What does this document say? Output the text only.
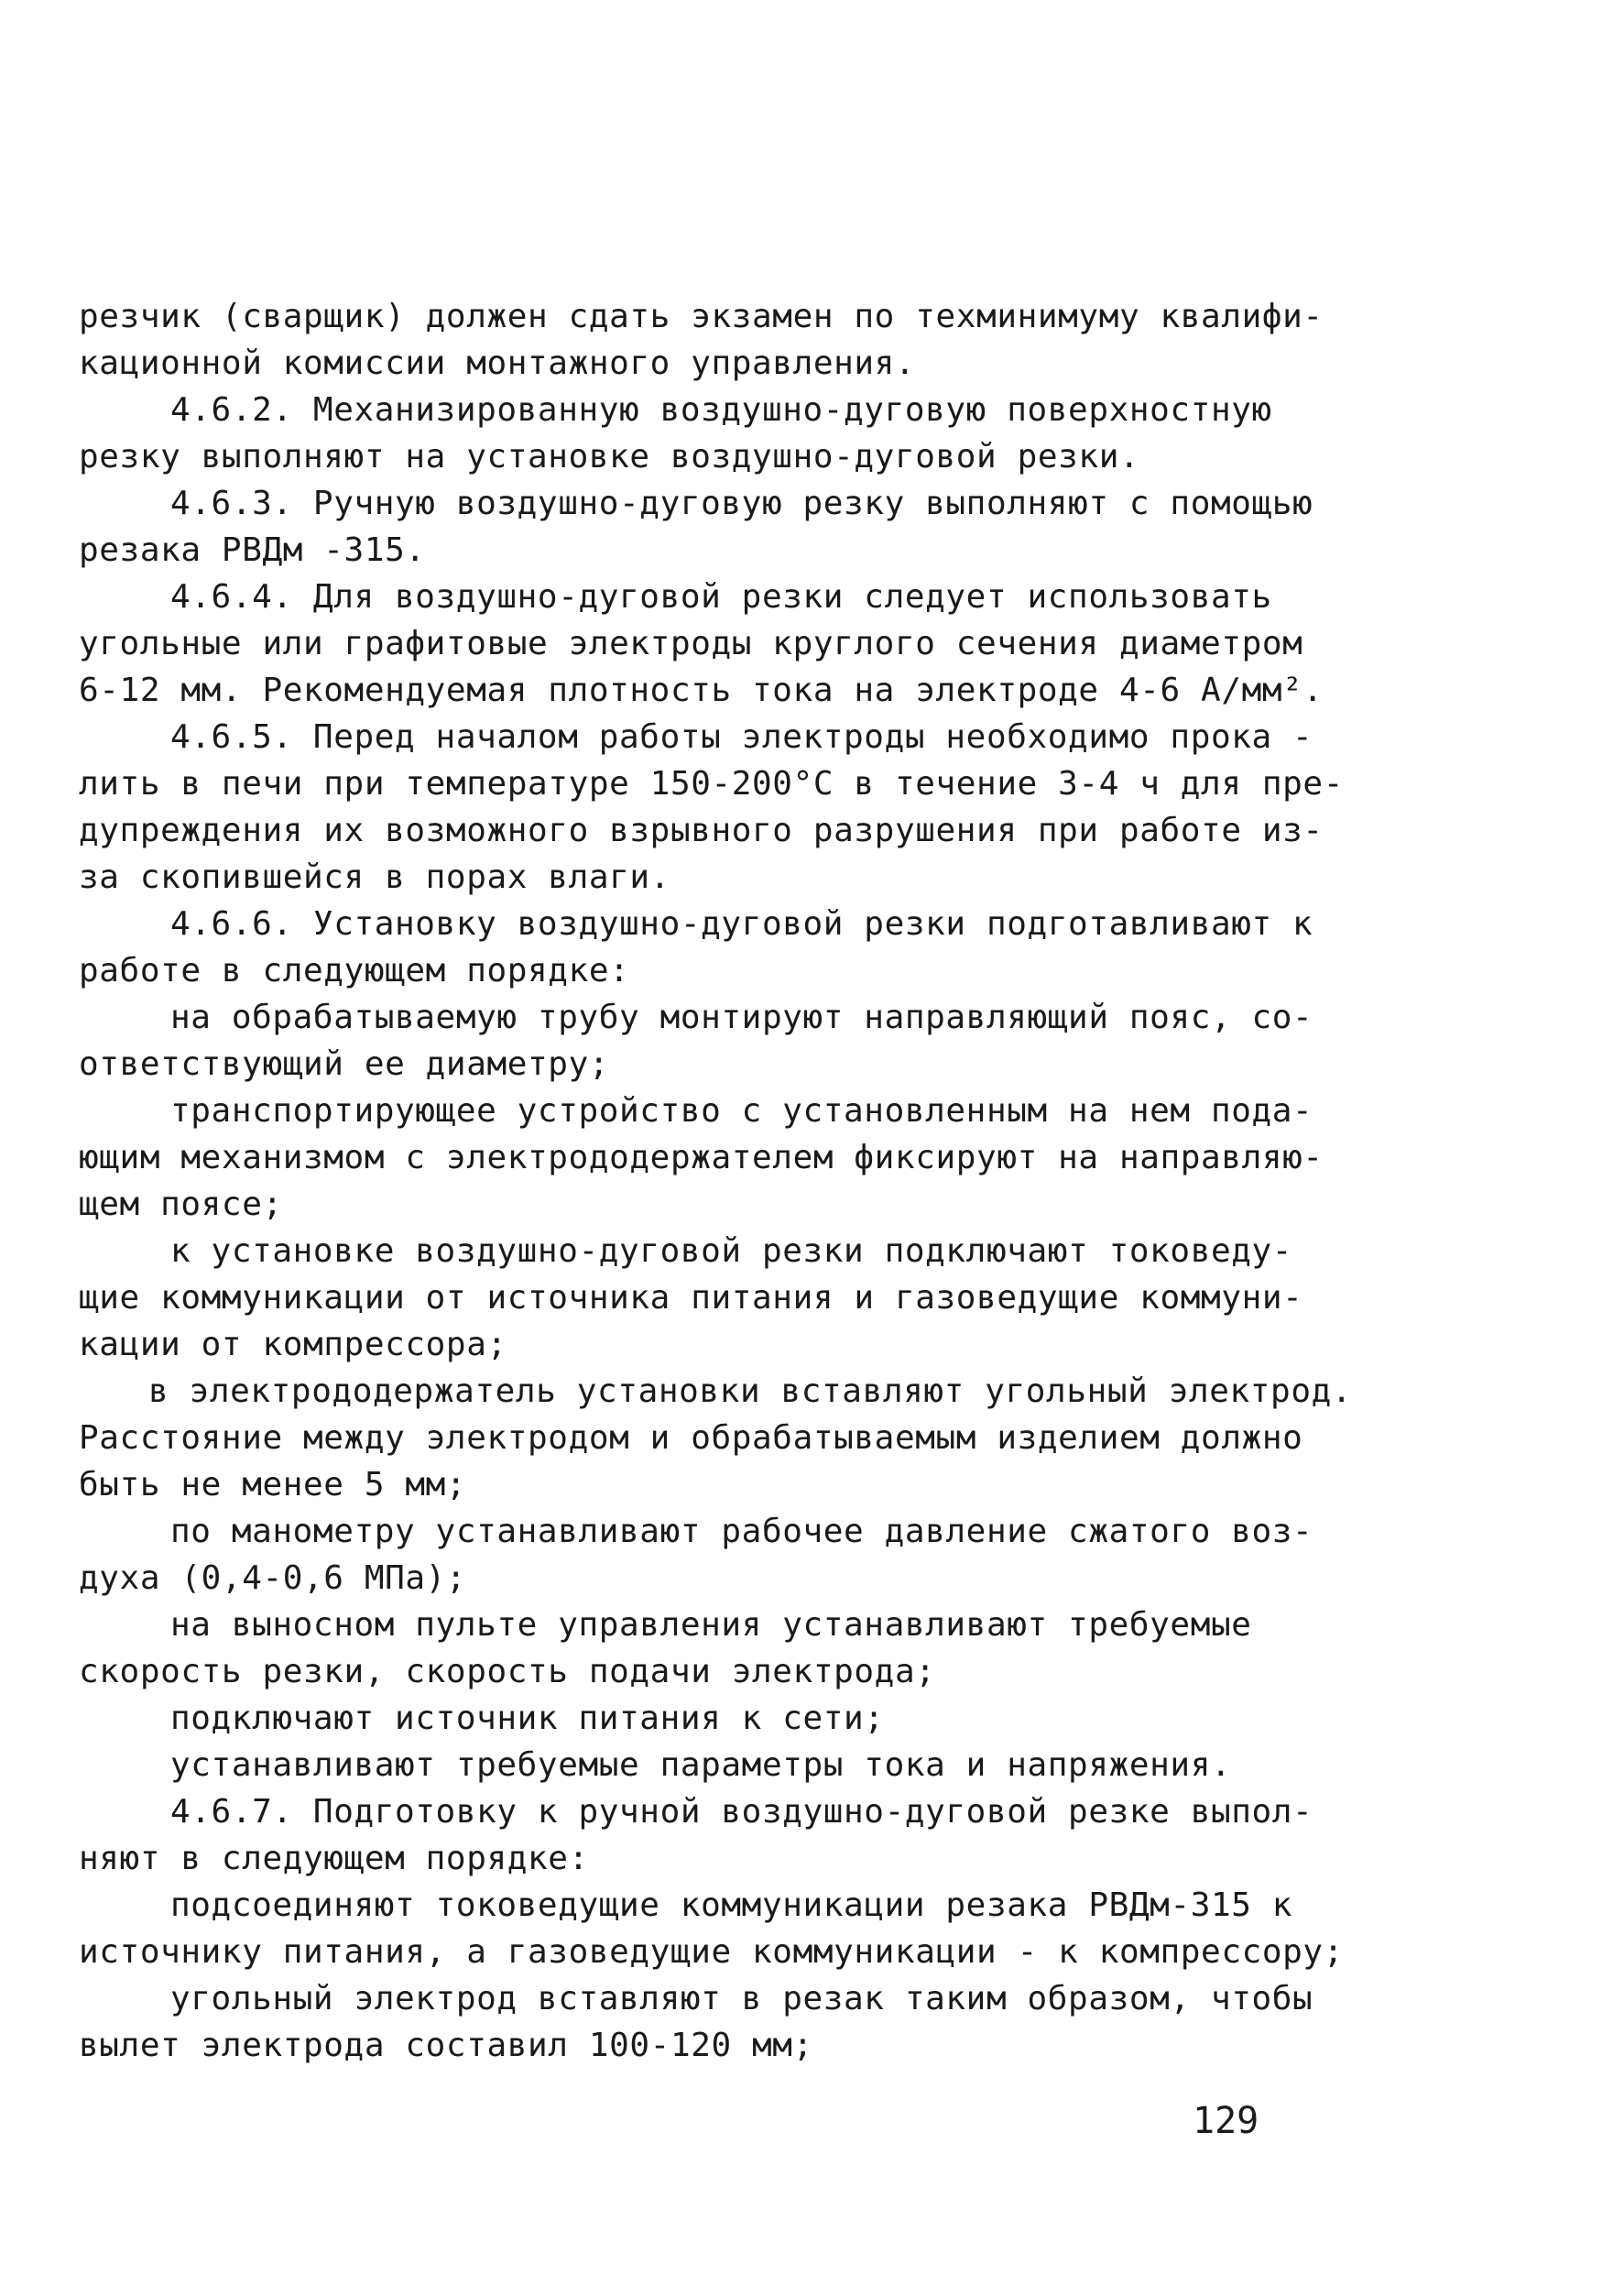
резчик (сварщик) должен сдать экзамен по техминимуму квалифи-
кационной комиссии монтажного управления.
4.6.2. Механизированную воздушно-дуговую поверхностную
резку выполняют на установке воздушно-дуговой резки.
4.6.3. Ручную воздушно-дуговую резку выполняют с помощью
резака РВДм -315.
4.6.4. Для воздушно-дуговой резки следует использовать
угольные или графитовые электроды круглого сечения диаметром
6-12 мм. Рекомендуемая плотность тока на электроде 4-6 А/мм².
4.6.5. Перед началом работы электроды необходимо прока -
лить в печи при температуре 150-200°С в течение 3-4 ч для пре-
дупреждения их возможного взрывного разрушения при работе из-
за скопившейся в порах влаги.
4.6.6. Установку воздушно-дуговой резки подготавливают к
работе в следующем порядке:
на обрабатываемую трубу монтируют направляющий пояс, со-
ответствующий ее диаметру;
транспортирующее устройство с установленным на нем пода-
ющим механизмом с электрододержателем фиксируют на направляю-
щем поясе;
к установке воздушно-дуговой резки подключают токоведу-
щие коммуникации от источника питания и газоведущие коммуни-
кации от компрессора;
в электрододержатель установки вставляют угольный электрод.
Расстояние между электродом и обрабатываемым изделием должно
быть не менее 5 мм;
по манометру устанавливают рабочее давление сжатого воз-
духа (0,4-0,6 МПа);
на выносном пульте управления устанавливают требуемые
скорость резки, скорость подачи электрода;
подключают источник питания к сети;
устанавливают требуемые параметры тока и напряжения.
4.6.7. Подготовку к ручной воздушно-дуговой резке выпол-
няют в следующем порядке:
подсоединяют токоведущие коммуникации резака РВДм-315 к
источнику питания, а газоведущие коммуникации - к компрессору;
угольный электрод вставляют в резак таким образом, чтобы
вылет электрода составил 100-120 мм;
129
